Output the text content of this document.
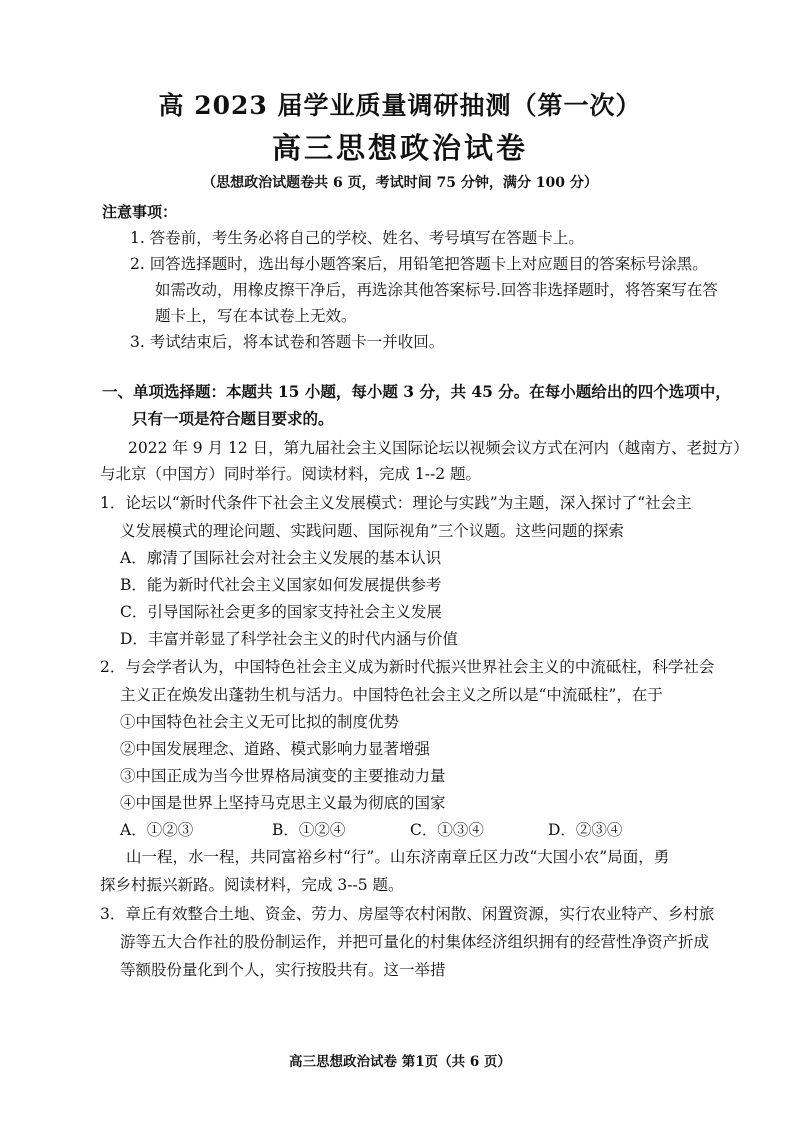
高 2023 届学业质量调研抽测（第一次）
高三思想政治试卷
（思想政治试题卷共 6 页，考试时间 75 分钟，满分 100 分）
注意事项：
1. 答卷前，考生务必将自己的学校、姓名、考号填写在答题卡上。
2. 回答选择题时，选出每小题答案后，用铅笔把答题卡上对应题目的答案标号涂黑。
如需改动，用橡皮擦干净后，再选涂其他答案标号.回答非选择题时，将答案写在答
题卡上，写在本试卷上无效。
3. 考试结束后，将本试卷和答题卡一并收回。
一、单项选择题：本题共 15 小题，每小题 3 分，共 45 分。在每小题给出的四个选项中，
只有一项是符合题目要求的。
2022 年 9 月 12 日，第九届社会主义国际论坛以视频会议方式在河内（越南方、老挝方）
与北京（中国方）同时举行。阅读材料，完成 1--2 题。
1．论坛以“新时代条件下社会主义发展模式：理论与实践”为主题，深入探讨了“社会主
义发展模式的理论问题、实践问题、国际视角”三个议题。这些问题的探索
A．廓清了国际社会对社会主义发展的基本认识
B．能为新时代社会主义国家如何发展提供参考
C．引导国际社会更多的国家支持社会主义发展
D．丰富并彰显了科学社会主义的时代内涵与价值
2．与会学者认为，中国特色社会主义成为新时代振兴世界社会主义的中流砥柱，科学社会
主义正在焕发出蓬勃生机与活力。中国特色社会主义之所以是“中流砥柱”，在于
①中国特色社会主义无可比拟的制度优势
②中国发展理念、道路、模式影响力显著增强
③中国正成为当今世界格局演变的主要推动力量
④中国是世界上坚持马克思主义最为彻底的国家
A．①②③	B．①②④	C．①③④	D．②③④
山一程，水一程，共同富裕乡村“行”。山东济南章丘区力改“大国小农”局面，勇
探乡村振兴新路。阅读材料，完成 3--5 题。
3．章丘有效整合土地、资金、劳力、房屋等农村闲散、闲置资源，实行农业特产、乡村旅
游等五大合作社的股份制运作，并把可量化的村集体经济组织拥有的经营性净资产折成
等额股份量化到个人，实行按股共有。这一举措
高三思想政治试卷 第1页（共 6 页）
